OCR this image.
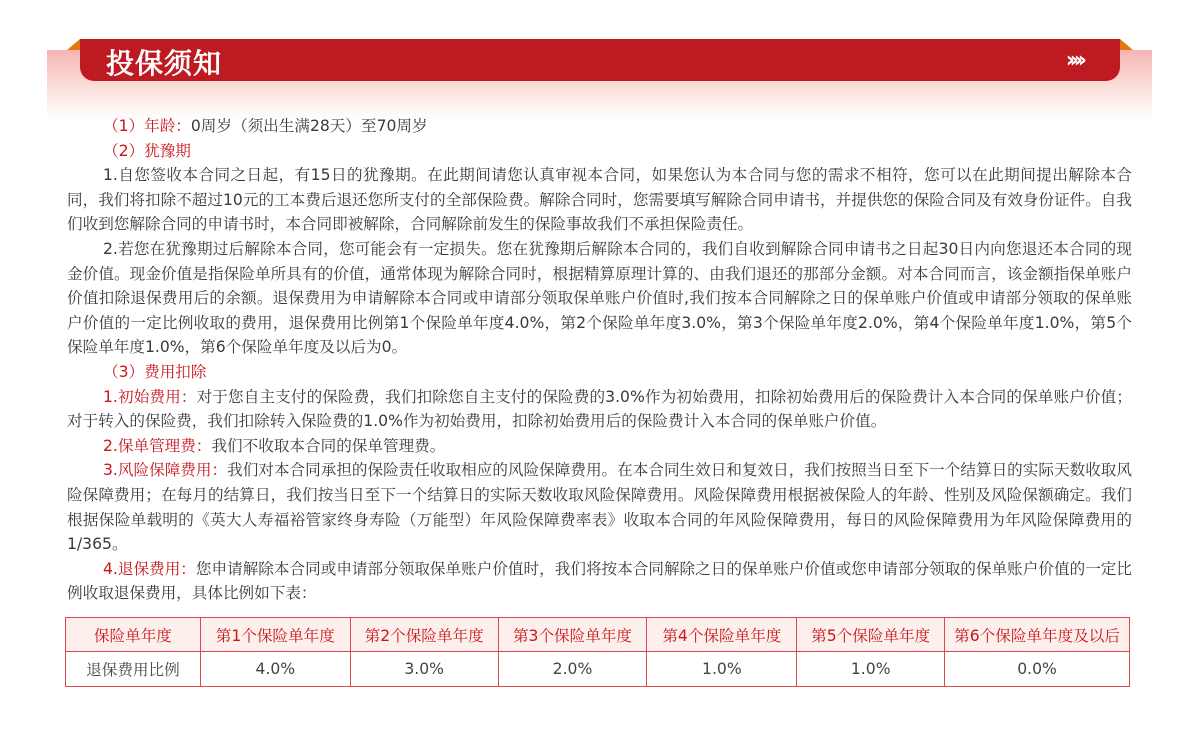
投保须知	››››

（1）年龄：0周岁（须出生满28天）至70周岁

（2）犹豫期

1.自您签收本合同之日起，有15日的犹豫期。在此期间请您认真审视本合同，如果您认为本合同与您的需求不相符，您可以在此期间提出解除本合同，我们将扣除不超过10元的工本费后退还您所支付的全部保险费。解除合同时，您需要填写解除合同申请书，并提供您的保险合同及有效身份证件。自我们收到您解除合同的申请书时，本合同即被解除，合同解除前发生的保险事故我们不承担保险责任。

2.若您在犹豫期过后解除本合同，您可能会有一定损失。您在犹豫期后解除本合同的，我们自收到解除合同申请书之日起30日内向您退还本合同的现金价值。现金价值是指保险单所具有的价值，通常体现为解除合同时，根据精算原理计算的、由我们退还的那部分金额。对本合同而言，该金额指保单账户价值扣除退保费用后的余额。退保费用为申请解除本合同或申请部分领取保单账户价值时,我们按本合同解除之日的保单账户价值或申请部分领取的保单账户价值的一定比例收取的费用，退保费用比例第1个保险单年度4.0%，第2个保险单年度3.0%，第3个保险单年度2.0%，第4个保险单年度1.0%，第5个保险单年度1.0%，第6个保险单年度及以后为0。

（3）费用扣除

1.初始费用：对于您自主支付的保险费，我们扣除您自主支付的保险费的3.0%作为初始费用，扣除初始费用后的保险费计入本合同的保单账户价值；对于转入的保险费，我们扣除转入保险费的1.0%作为初始费用，扣除初始费用后的保险费计入本合同的保单账户价值。

2.保单管理费：我们不收取本合同的保单管理费。

3.风险保障费用：我们对本合同承担的保险责任收取相应的风险保障费用。在本合同生效日和复效日，我们按照当日至下一个结算日的实际天数收取风险保障费用；在每月的结算日，我们按当日至下一个结算日的实际天数收取风险保障费用。风险保障费用根据被保险人的年龄、性别及风险保额确定。我们根据保险单载明的《英大人寿福裕管家终身寿险（万能型）年风险保障费率表》收取本合同的年风险保障费用，每日的风险保障费用为年风险保障费用的1/365。

4.退保费用：您申请解除本合同或申请部分领取保单账户价值时，我们将按本合同解除之日的保单账户价值或您申请部分领取的保单账户价值的一定比例收取退保费用，具体比例如下表：

保险单年度	第1个保险单年度	第2个保险单年度	第3个保险单年度	第4个保险单年度	第5个保险单年度	第6个保险单年度及以后
退保费用比例	4.0%	3.0%	2.0%	1.0%	1.0%	0.0%
